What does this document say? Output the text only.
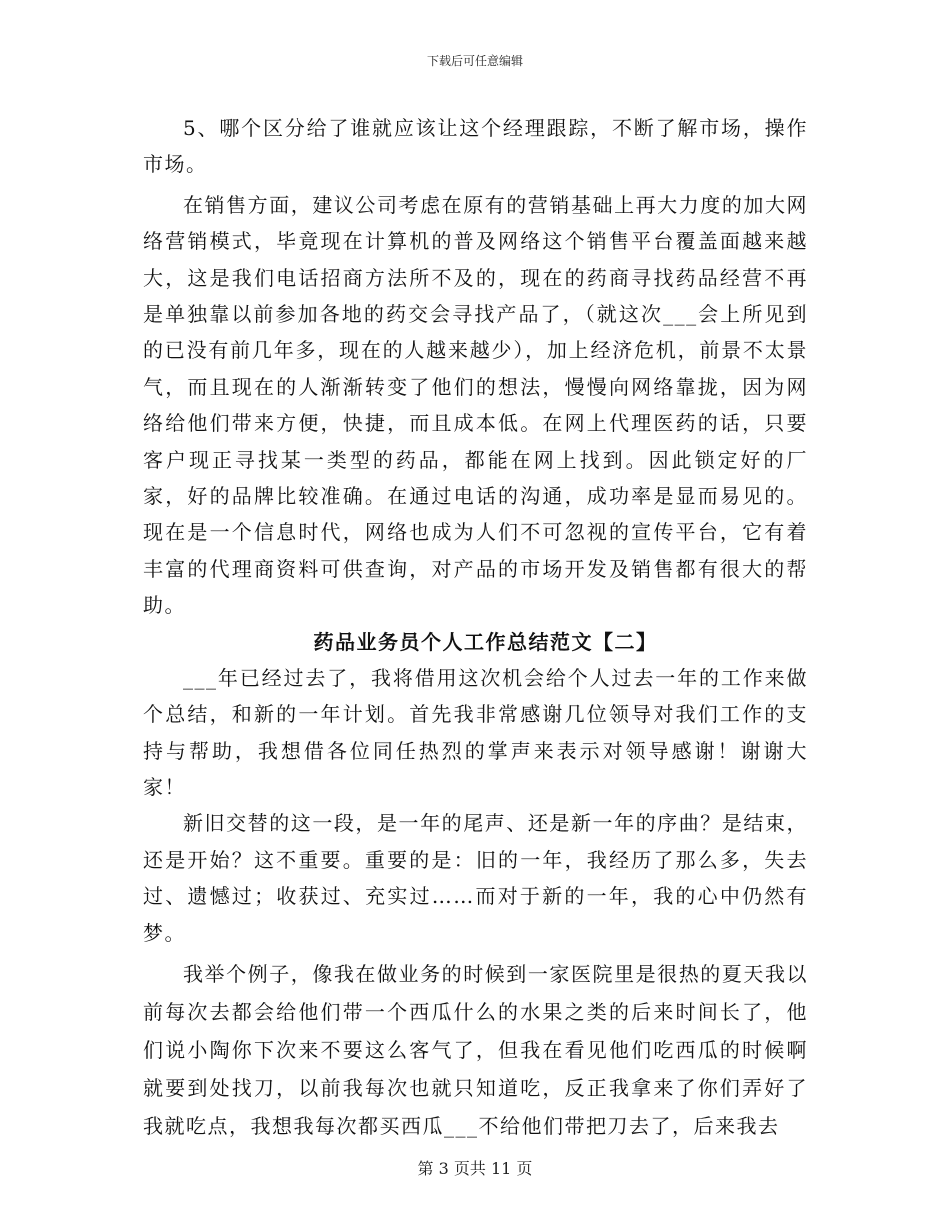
下载后可任意编辑

5、哪个区分给了谁就应该让这个经理跟踪，不断了解市场，操作市场。

在销售方面，建议公司考虑在原有的营销基础上再大力度的加大网络营销模式，毕竟现在计算机的普及网络这个销售平台覆盖面越来越大，这是我们电话招商方法所不及的，现在的药商寻找药品经营不再是单独靠以前参加各地的药交会寻找产品了，（就这次___会上所见到的已没有前几年多，现在的人越来越少），加上经济危机，前景不太景气，而且现在的人渐渐转变了他们的想法，慢慢向网络靠拢，因为网络给他们带来方便，快捷，而且成本低。在网上代理医药的话，只要客户现正寻找某一类型的药品，都能在网上找到。因此锁定好的厂家，好的品牌比较准确。在通过电话的沟通，成功率是显而易见的。现在是一个信息时代，网络也成为人们不可忽视的宣传平台，它有着丰富的代理商资料可供查询，对产品的市场开发及销售都有很大的帮助。

药品业务员个人工作总结范文【二】

___年已经过去了，我将借用这次机会给个人过去一年的工作来做个总结，和新的一年计划。首先我非常感谢几位领导对我们工作的支持与帮助，我想借各位同任热烈的掌声来表示对领导感谢！谢谢大家！

新旧交替的这一段，是一年的尾声、还是新一年的序曲？是结束，还是开始？这不重要。重要的是：旧的一年，我经历了那么多，失去过、遗憾过；收获过、充实过……而对于新的一年，我的心中仍然有梦。

我举个例子，像我在做业务的时候到一家医院里是很热的夏天我以前每次去都会给他们带一个西瓜什么的水果之类的后来时间长了，他们说小陶你下次来不要这么客气了，但我在看见他们吃西瓜的时候啊就要到处找刀，以前我每次也就只知道吃，反正我拿来了你们弄好了我就吃点，我想我每次都买西瓜___不给他们带把刀去了，后来我去

第 3 页共 11 页
